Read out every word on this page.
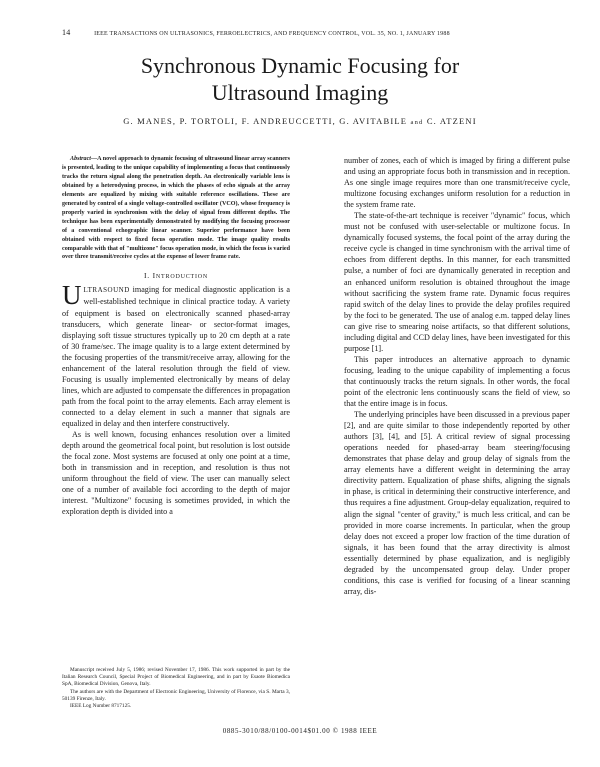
14	IEEE TRANSACTIONS ON ULTRASONICS, FERROELECTRICS, AND FREQUENCY CONTROL, VOL. 35, NO. 1, JANUARY 1988
Synchronous Dynamic Focusing for
Ultrasound Imaging
G. MANES, P. TORTOLI, F. ANDREUCCETTI, G. AVITABILE and C. ATZENI

Abstract—A novel approach to dynamic focusing of ultrasound linear array scanners is presented, leading to the unique capability of implementing a focus that continuously tracks the return signal along the penetration depth. An electronically variable lens is obtained by a heterodyning process, in which the phases of echo signals at the array elements are equalized by mixing with suitable reference oscillations. These are generated by control of a single voltage-controlled oscillator (VCO), whose frequency is properly varied in synchronism with the delay of signal from different depths. The technique has been experimentally demonstrated by modifying the focusing processor of a conventional echographic linear scanner. Superior performance have been obtained with respect to fixed focus operation mode. The image quality results comparable with that of "multizone" focus operation mode, in which the focus is varied over three transmit/receive cycles at the expense of lower frame rate.

I. INTRODUCTION

ULTRASOUND imaging for medical diagnostic application is a well-established technique in clinical practice today. A variety of equipment is based on electronically scanned phased-array transducers, which generate linear- or sector-format images, displaying soft tissue structures typically up to 20 cm depth at a rate of 30 frame/sec. The image quality is to a large extent determined by the focusing properties of the transmit/receive array, allowing for the enhancement of the lateral resolution through the field of view. Focusing is usually implemented electronically by means of delay lines, which are adjusted to compensate the differences in propagation path from the focal point to the array elements. Each array element is connected to a delay element in such a manner that signals are equalized in delay and then interfere constructively.

As is well known, focusing enhances resolution over a limited depth around the geometrical focal point, but resolution is lost outside the focal zone. Most systems are focused at only one point at a time, both in transmission and in reception, and resolution is thus not uniform throughout the field of view. The user can manually select one of a number of available foci according to the depth of major interest. "Multizone" focusing is sometimes provided, in which the exploration depth is divided into a

number of zones, each of which is imaged by firing a different pulse and using an appropriate focus both in transmission and in reception. As one single image requires more than one transmit/receive cycle, multizone focusing exchanges uniform resolution for a reduction in the system frame rate.

The state-of-the-art technique is receiver "dynamic" focus, which must not be confused with user-selectable or multizone focus. In dynamically focused systems, the focal point of the array during the receive cycle is changed in time synchronism with the arrival time of echoes from different depths. In this manner, for each transmitted pulse, a number of foci are dynamically generated in reception and an enhanced uniform resolution is obtained throughout the image without sacrificing the system frame rate. Dynamic focus requires rapid switch of the delay lines to provide the delay profiles required by the foci to be generated. The use of analog e.m. tapped delay lines can give rise to smearing noise artifacts, so that different solutions, including digital and CCD delay lines, have been investigated for this purpose [1].

This paper introduces an alternative approach to dynamic focusing, leading to the unique capability of implementing a focus that continuously tracks the return signals. In other words, the focal point of the electronic lens continuously scans the field of view, so that the entire image is in focus.

The underlying principles have been discussed in a previous paper [2], and are quite similar to those independently reported by other authors [3], [4], and [5]. A critical review of signal processing operations needed for phased-array beam steering/focusing demonstrates that phase delay and group delay of signals from the array elements have a different weight in determining the array directivity pattern. Equalization of phase shifts, aligning the signals in phase, is critical in determining their constructive interference, and thus requires a fine adjustment. Group-delay equalization, required to align the signal "center of gravity," is much less critical, and can be provided in more coarse increments. In particular, when the group delay does not exceed a proper low fraction of the time duration of signals, it has been found that the array directivity is almost essentially determined by phase equalization, and is negligibly degraded by the uncompensated group delay. Under proper conditions, this case is verified for focusing of a linear scanning array, dis-

Manuscript received July 5, 1986; revised November 17, 1986. This work supported in part by the Italian Research Council, Special Project of Biomedical Engineering, and in part by Esaote Biomedica SpA, Biomedical Division, Genova, Italy.

The authors are with the Department of Electronic Engineering, University of Florence, via S. Marta 3, 50139 Firenze, Italy.

IEEE Log Number 8717125.

0885-3010/88/0100-0014$01.00 © 1988 IEEE
